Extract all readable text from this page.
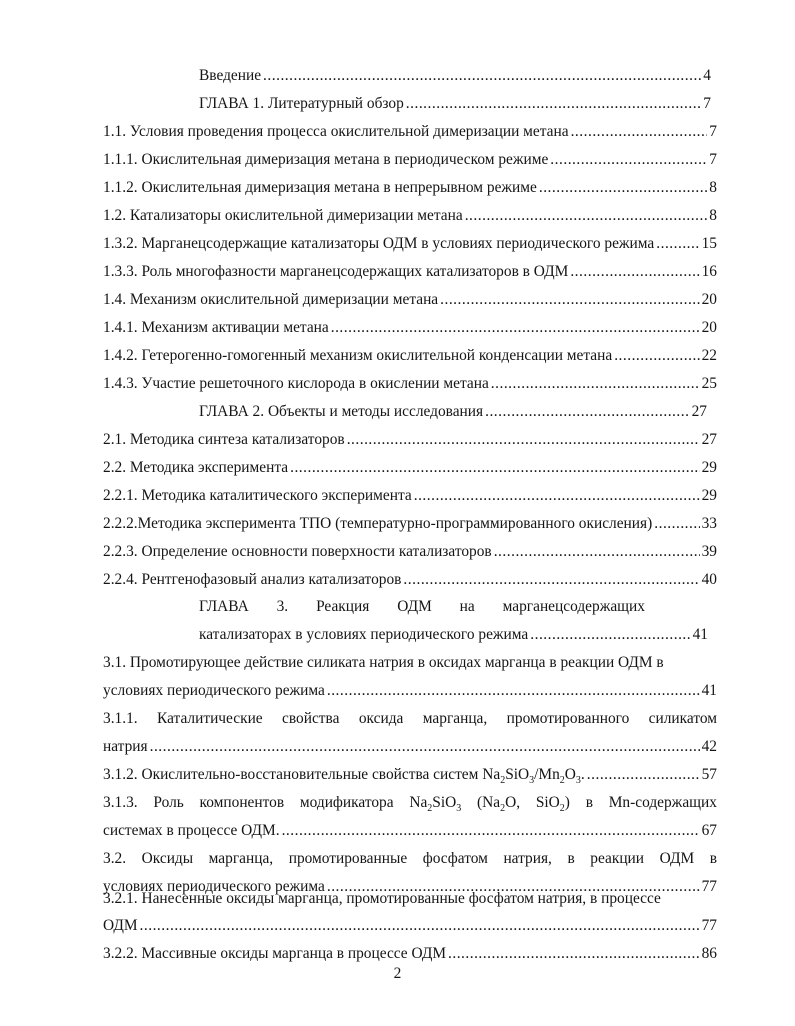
Введение .....	4
ГЛАВА 1. Литературный обзор .....	7
1.1. Условия проведения процесса окислительной димеризации метана .....	7
1.1.1. Окислительная димеризация метана в периодическом режиме .....	7
1.1.2. Окислительная димеризация метана в непрерывном режиме .....	8
1.2. Катализаторы окислительной димеризации метана .....	8
1.3.2. Марганецсодержащие катализаторы ОДМ в условиях периодического режима .....	15
1.3.3. Роль многофазности марганецсодержащих катализаторов в ОДМ .....	16
1.4. Механизм окислительной димеризации метана .....	20
1.4.1. Механизм активации метана .....	20
1.4.2. Гетерогенно-гомогенный механизм окислительной конденсации метана .....	22
1.4.3. Участие решеточного кислорода в окислении метана .....	25
ГЛАВА 2. Объекты и методы исследования .....	27
2.1. Методика синтеза катализаторов .....	27
2.2. Методика эксперимента .....	29
2.2.1. Методика каталитического эксперимента .....	29
2.2.2.Методика эксперимента ТПО (температурно-программированного окисления) .....	33
2.2.3. Определение основности поверхности катализаторов .....	39
2.2.4. Рентгенофазовый анализ катализаторов .....	40
ГЛАВА 3. Реакция ОДМ на марганецсодержащих
катализаторах в условиях периодического режима .....	41
3.1. Промотирующее действие силиката натрия в оксидах марганца в реакции ОДМ в
условиях периодического режима .....	41
3.1.1. Каталитические свойства оксида марганца, промотированного силикатом
натрия .....	42
3.1.2. Окислительно-восстановительные свойства систем $Na_2SiO_3/Mn_2O_3$. .....	57
3.1.3. Роль компонентов модификатора $Na_2SiO_3$ ($Na_2O$, SiO$_2$) в Mn-содержащих
системах в процессе ОДМ. .....	67
3.2. Оксиды марганца, промотированные фосфатом натрия, в реакции ОДМ в
условиях периодического режима .....	77
3.2.1. Нанесенные оксиды марганца, промотированные фосфатом натрия, в процессе
ОДМ .....	77
3.2.2. Массивные оксиды марганца в процессе ОДМ .....	86
2
